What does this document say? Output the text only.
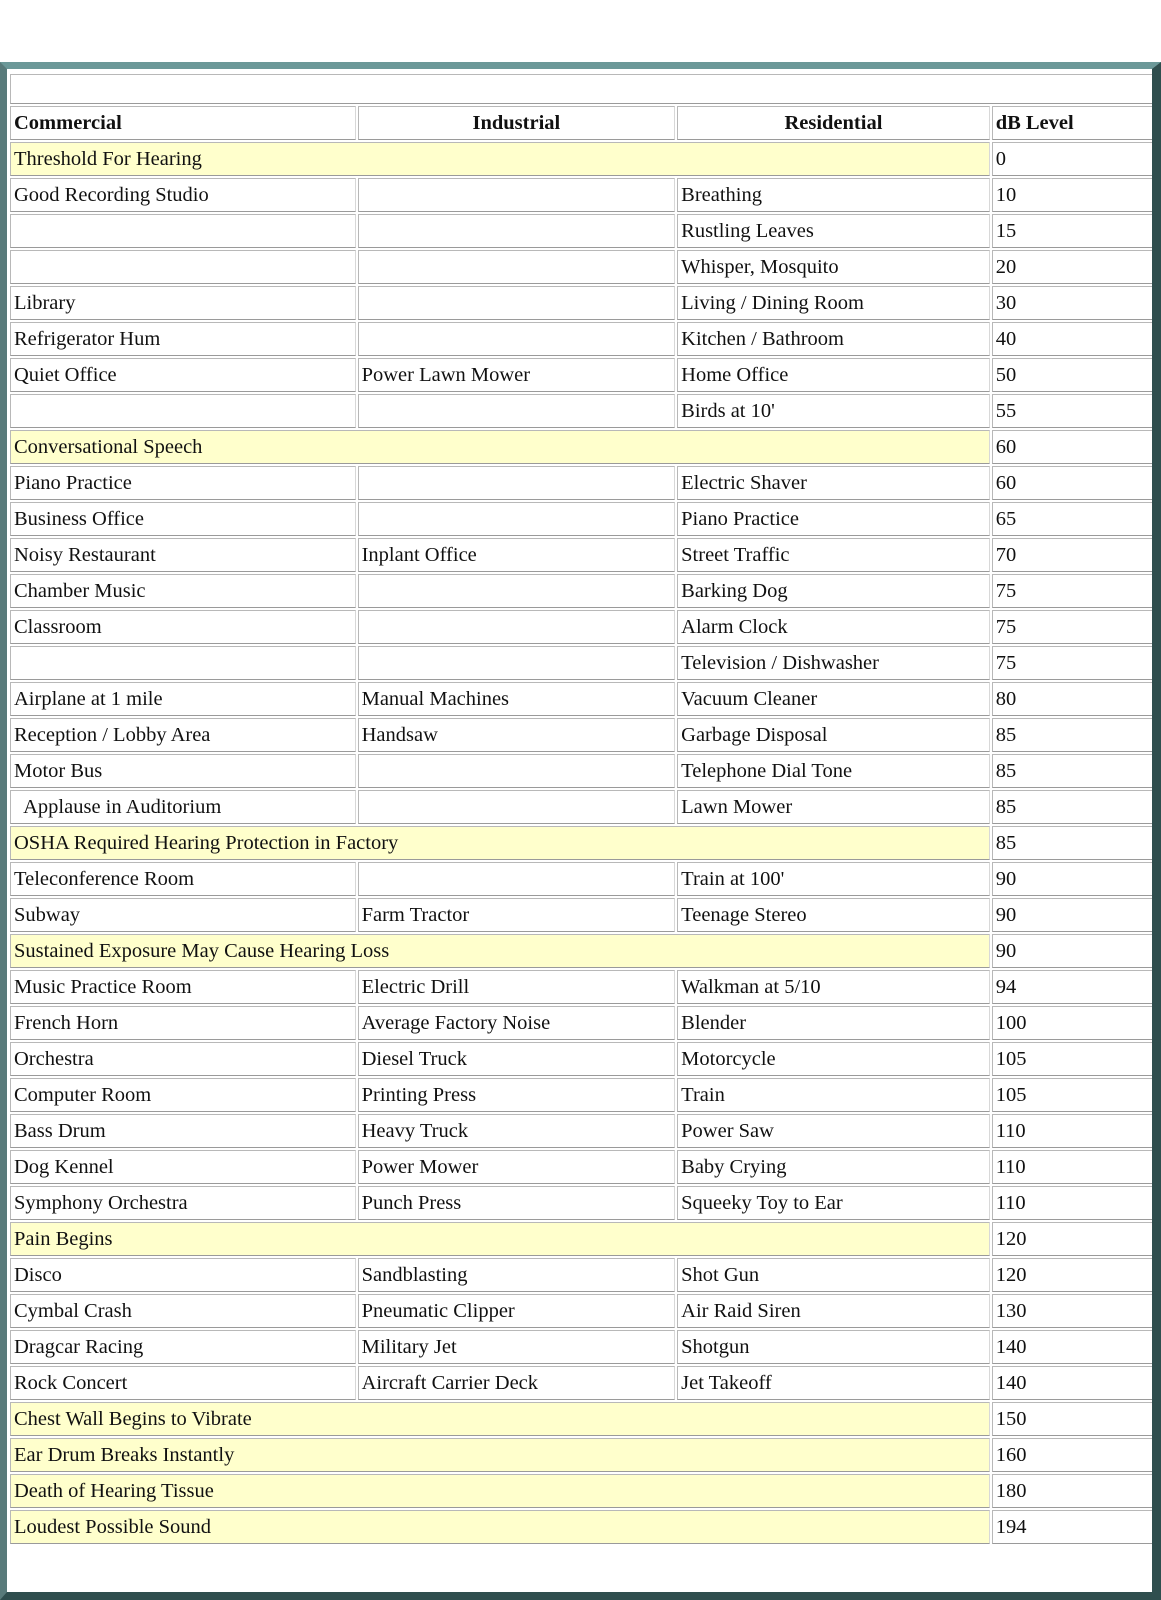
Commercial	Industrial	Residential	dB Level
Threshold For Hearing			0
Good Recording Studio		Breathing	10
		Rustling Leaves	15
		Whisper, Mosquito	20
Library		Living / Dining Room	30
Refrigerator Hum		Kitchen / Bathroom	40
Quiet Office	Power Lawn Mower	Home Office	50
		Birds at 10'	55
Conversational Speech			60
Piano Practice		Electric Shaver	60
Business Office		Piano Practice	65
Noisy Restaurant	Inplant Office	Street Traffic	70
Chamber Music		Barking Dog	75
Classroom		Alarm Clock	75
		Television / Dishwasher	75
Airplane at 1 mile	Manual Machines	Vacuum Cleaner	80
Reception / Lobby Area	Handsaw	Garbage Disposal	85
Motor Bus		Telephone Dial Tone	85
Applause in Auditorium		Lawn Mower	85
OSHA Required Hearing Protection in Factory			85
Teleconference Room		Train at 100'	90
Subway	Farm Tractor	Teenage Stereo	90
Sustained Exposure May Cause Hearing Loss			90
Music Practice Room	Electric Drill	Walkman at 5/10	94
French Horn	Average Factory Noise	Blender	100
Orchestra	Diesel Truck	Motorcycle	105
Computer Room	Printing Press	Train	105
Bass Drum	Heavy Truck	Power Saw	110
Dog Kennel	Power Mower	Baby Crying	110
Symphony Orchestra	Punch Press	Squeeky Toy to Ear	110
Pain Begins			120
Disco	Sandblasting	Shot Gun	120
Cymbal Crash	Pneumatic Clipper	Air Raid Siren	130
Dragcar Racing	Military Jet	Shotgun	140
Rock Concert	Aircraft Carrier Deck	Jet Takeoff	140
Chest Wall Begins to Vibrate			150
Ear Drum Breaks Instantly			160
Death of Hearing Tissue			180
Loudest Possible Sound			194
